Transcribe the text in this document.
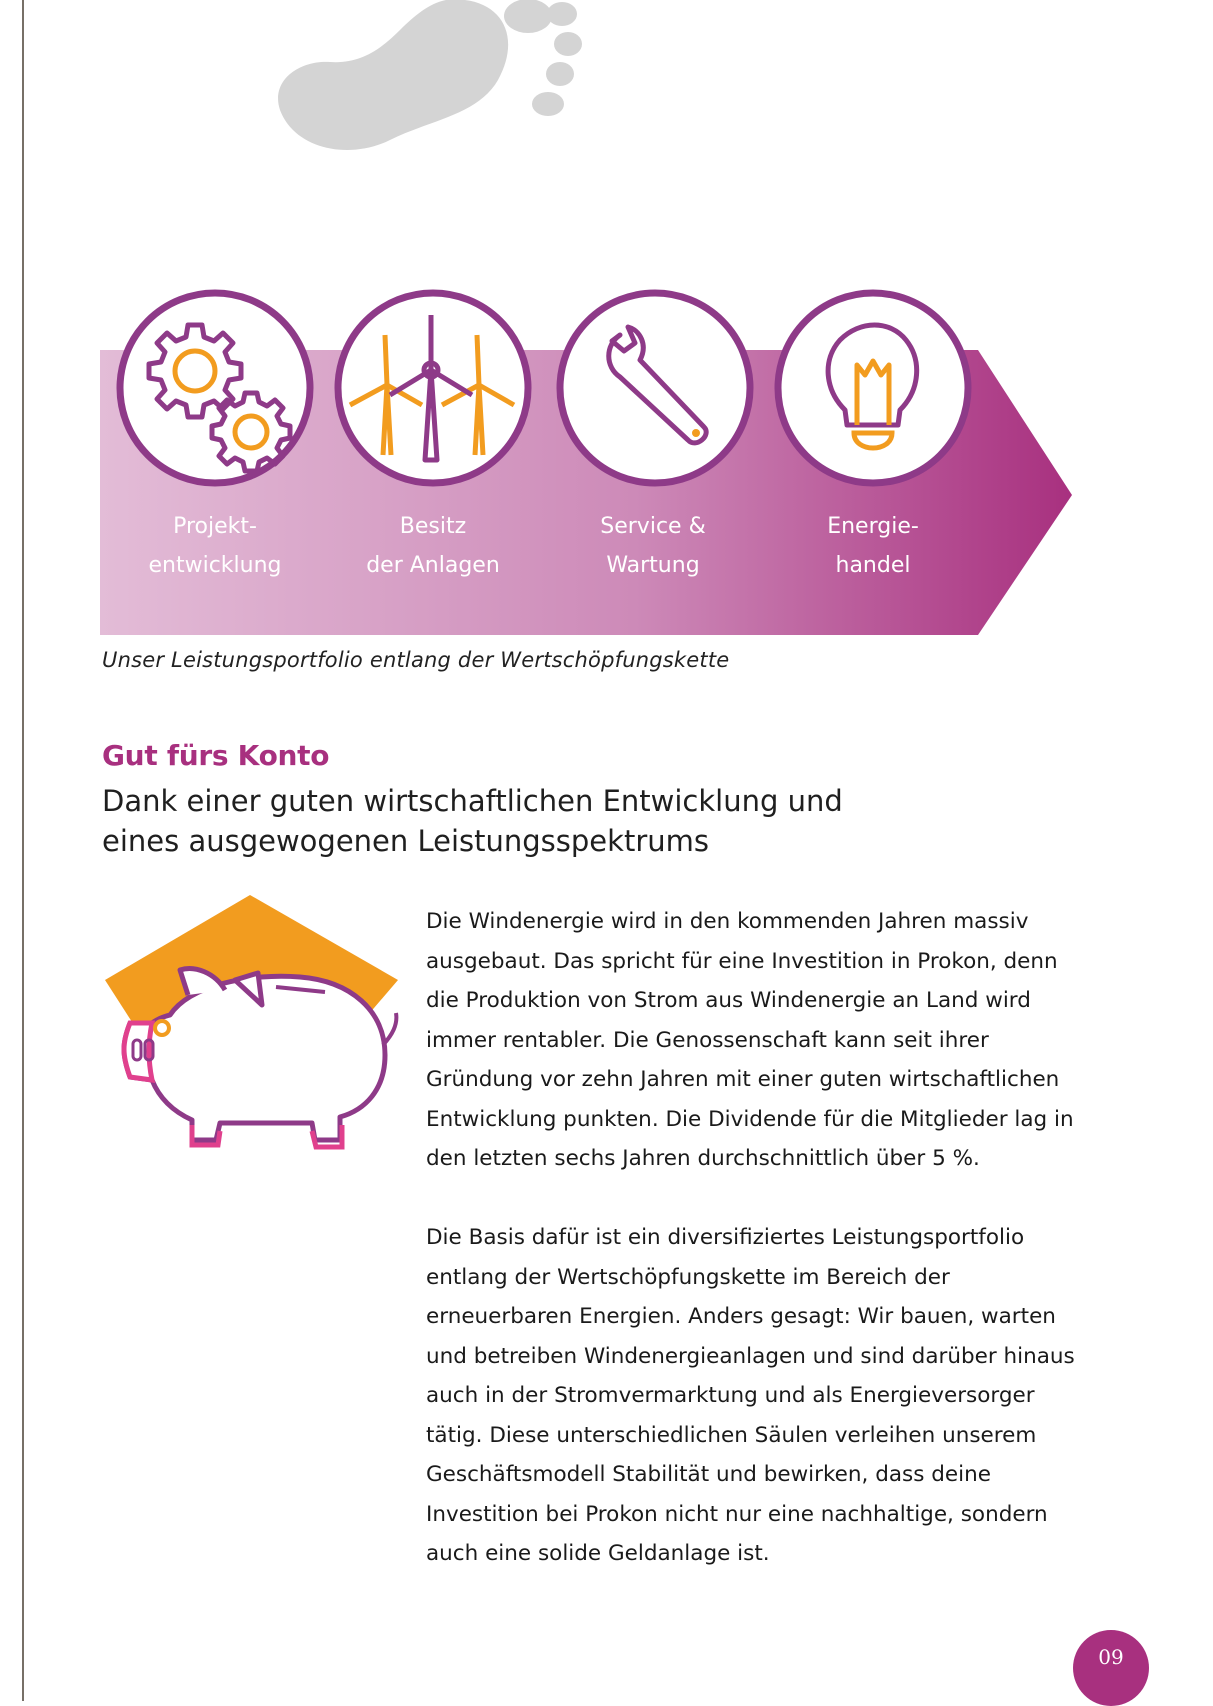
Projekt-
entwicklung
Besitz
der Anlagen
Service &
Wartung
Energie-
handel
Unser Leistungsportfolio entlang der Wertschöpfungskette
Gut fürs Konto
Dank einer guten wirtschaftlichen Entwicklung und
eines ausgewogenen Leistungsspektrums

Die Windenergie wird in den kommenden Jahren massiv ausgebaut. Das spricht für eine Investition in Prokon, denn die Produktion von Strom aus Windenergie an Land wird immer rentabler. Die Genossenschaft kann seit ihrer Gründung vor zehn Jahren mit einer guten wirtschaftlichen Entwicklung punkten. Die Dividende für die Mitglieder lag in den letzten sechs Jahren durchschnittlich über 5 %.

Die Basis dafür ist ein diversifiziertes Leistungsportfolio entlang der Wertschöpfungskette im Bereich der erneuerbaren Energien. Anders gesagt: Wir bauen, warten und betreiben Windenergieanlagen und sind darüber hinaus auch in der Stromvermarktung und als Energieversorger tätig. Diese unterschiedlichen Säulen verleihen unserem Geschäftsmodell Stabilität und bewirken, dass deine Investition bei Prokon nicht nur eine nachhaltige, sondern auch eine solide Geldanlage ist.

09
